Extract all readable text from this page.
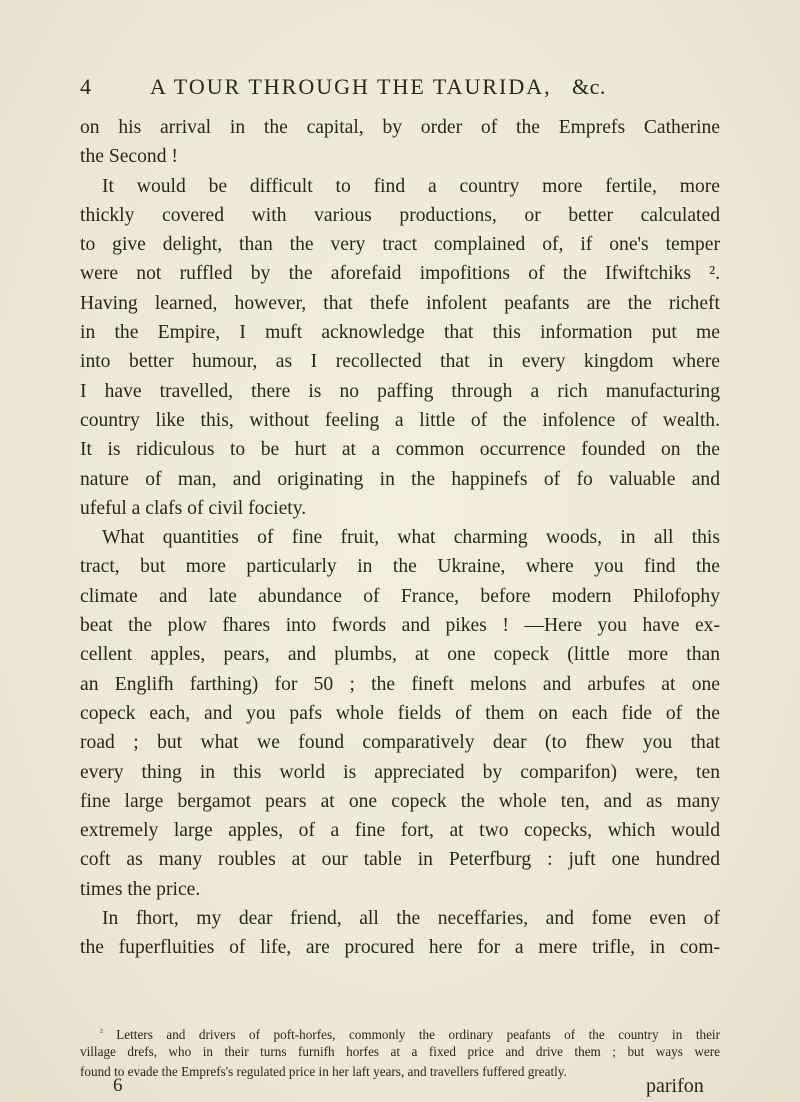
4	A TOUR THROUGH THE TAURIDA, &c.
on his arrival in the capital, by order of the Emprefs Catherine
the Second !
It would be difficult to find a country more fertile, more
thickly covered with various productions, or better calculated
to give delight, than the very tract complained of, if one's temper
were not ruffled by the aforefaid impofitions of the Ifwiftchiks ².
Having learned, however, that thefe infolent peafants are the richeft
in the Empire, I muft acknowledge that this information put me
into better humour, as I recollected that in every kingdom where
I have travelled, there is no paffing through a rich manufacturing
country like this, without feeling a little of the infolence of wealth.
It is ridiculous to be hurt at a common occurrence founded on the
nature of man, and originating in the happinefs of fo valuable and
ufeful a clafs of civil fociety.
What quantities of fine fruit, what charming woods, in all this
tract, but more particularly in the Ukraine, where you find the
climate and late abundance of France, before modern Philofophy
beat the plow fhares into fwords and pikes ! —Here you have ex-
cellent apples, pears, and plumbs, at one copeck (little more than
an Englifh farthing) for 50 ; the fineft melons and arbufes at one
copeck each, and you pafs whole fields of them on each fide of the
road ; but what we found comparatively dear (to fhew you that
every thing in this world is appreciated by comparifon) were, ten
fine large bergamot pears at one copeck the whole ten, and as many
extremely large apples, of a fine fort, at two copecks, which would
coft as many roubles at our table in Peterfburg : juft one hundred
times the price.
In fhort, my dear friend, all the neceffaries, and fome even of
the fuperfluities of life, are procured here for a mere trifle, in com-
$^{^2}$ Letters and drivers of poft-horfes, commonly the ordinary peafants of the country in their
village drefs, who in their turns furnifh horfes at a fixed price and drive them ; but ways were
found to evade the Emprefs's regulated price in her laft years, and travellers fuffered greatly.
6	parifon
